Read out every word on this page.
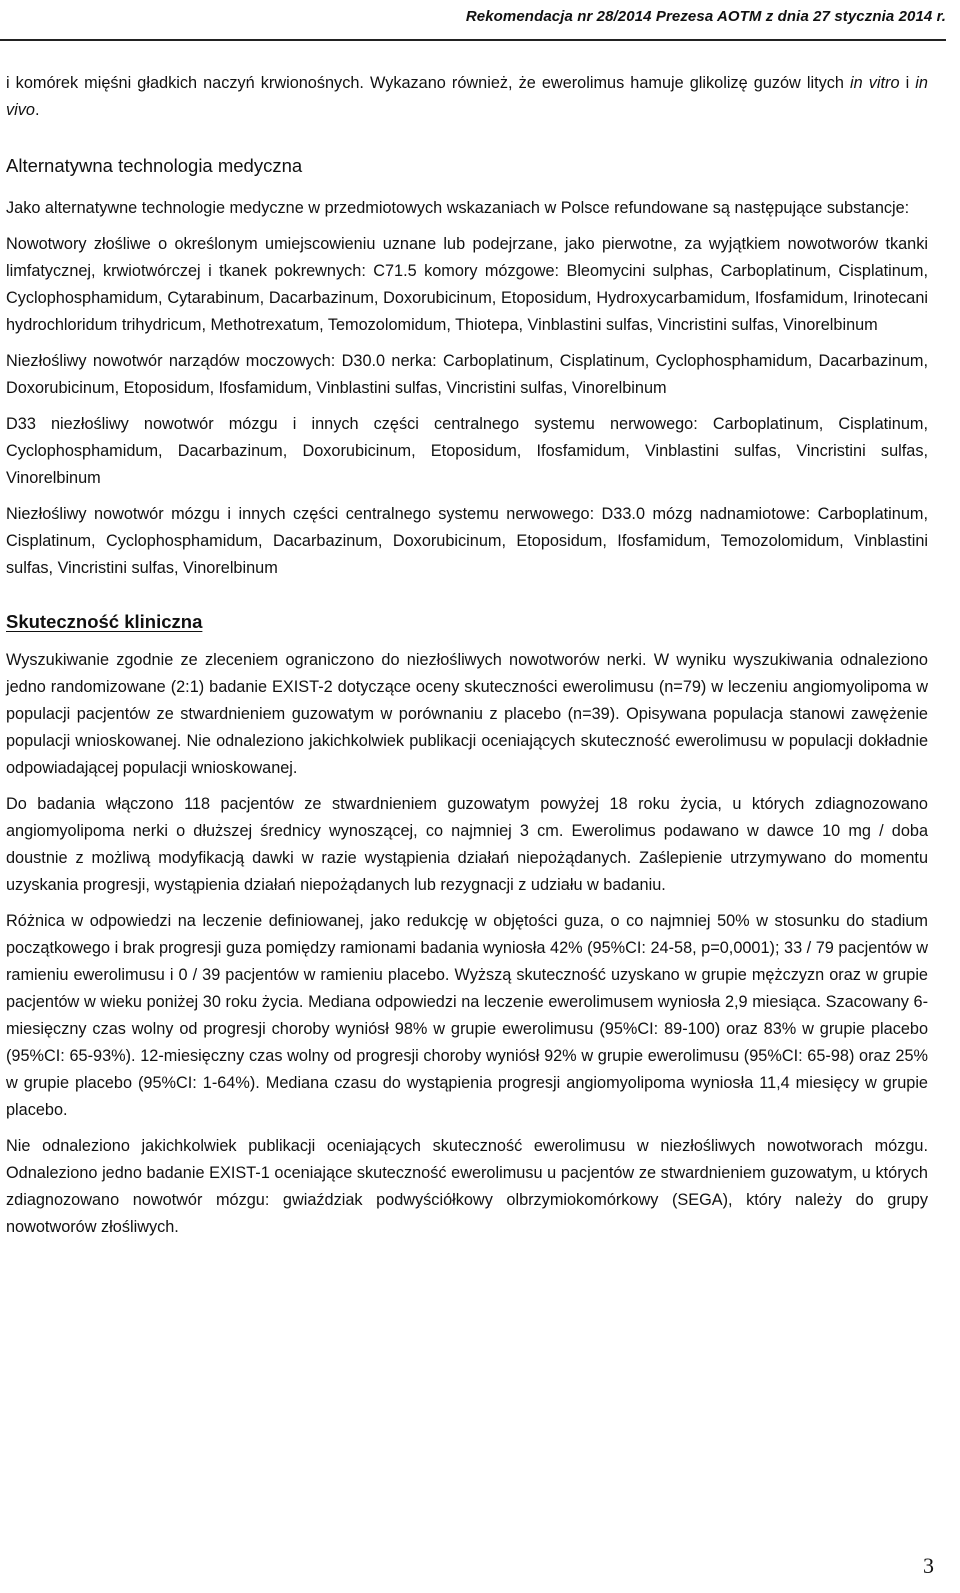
Rekomendacja nr 28/2014 Prezesa AOTM z dnia 27 stycznia 2014 r.

i komórek mięśni gładkich naczyń krwionośnych. Wykazano również, że ewerolimus hamuje glikolizę guzów litych in vitro i in vivo.

Alternatywna technologia medyczna

Jako alternatywne technologie medyczne w przedmiotowych wskazaniach w Polsce refundowane są następujące substancje:

Nowotwory złośliwe o określonym umiejscowieniu uznane lub podejrzane, jako pierwotne, za wyjątkiem nowotworów tkanki limfatycznej, krwiotwórczej i tkanek pokrewnych: C71.5 komory mózgowe: Bleomycini sulphas, Carboplatinum, Cisplatinum, Cyclophosphamidum, Cytarabinum, Dacarbazinum, Doxorubicinum, Etoposidum, Hydroxycarbamidum, Ifosfamidum, Irinotecani hydrochloridum trihydricum, Methotrexatum, Temozolomidum, Thiotepa, Vinblastini sulfas, Vincristini sulfas, Vinorelbinum

Niezłośliwy nowotwór narządów moczowych: D30.0 nerka: Carboplatinum, Cisplatinum, Cyclophosphamidum, Dacarbazinum, Doxorubicinum, Etoposidum, Ifosfamidum, Vinblastini sulfas, Vincristini sulfas, Vinorelbinum

D33 niezłośliwy nowotwór mózgu i innych części centralnego systemu nerwowego: Carboplatinum, Cisplatinum, Cyclophosphamidum, Dacarbazinum, Doxorubicinum, Etoposidum, Ifosfamidum, Vinblastini sulfas, Vincristini sulfas, Vinorelbinum

Niezłośliwy nowotwór mózgu i innych części centralnego systemu nerwowego: D33.0 mózg nadnamiotowe: Carboplatinum, Cisplatinum, Cyclophosphamidum, Dacarbazinum, Doxorubicinum, Etoposidum, Ifosfamidum, Temozolomidum, Vinblastini sulfas, Vincristini sulfas, Vinorelbinum

Skuteczność kliniczna

Wyszukiwanie zgodnie ze zleceniem ograniczono do niezłośliwych nowotworów nerki. W wyniku wyszukiwania odnaleziono jedno randomizowane (2:1) badanie EXIST-2 dotyczące oceny skuteczności ewerolimusu (n=79) w leczeniu angiomyolipoma w populacji pacjentów ze stwardnieniem guzowatym w porównaniu z placebo (n=39). Opisywana populacja stanowi zawężenie populacji wnioskowanej. Nie odnaleziono jakichkolwiek publikacji oceniających skuteczność ewerolimusu w populacji dokładnie odpowiadającej populacji wnioskowanej.

Do badania włączono 118 pacjentów ze stwardnieniem guzowatym powyżej 18 roku życia, u których zdiagnozowano angiomyolipoma nerki o dłuższej średnicy wynoszącej, co najmniej 3 cm. Ewerolimus podawano w dawce 10 mg / doba doustnie z możliwą modyfikacją dawki w razie wystąpienia działań niepożądanych. Zaślepienie utrzymywano do momentu uzyskania progresji, wystąpienia działań niepożądanych lub rezygnacji z udziału w badaniu.

Różnica w odpowiedzi na leczenie definiowanej, jako redukcję w objętości guza, o co najmniej 50% w stosunku do stadium początkowego i brak progresji guza pomiędzy ramionami badania wyniosła 42% (95%CI: 24-58, p=0,0001); 33 / 79 pacjentów w ramieniu ewerolimusu i 0 / 39 pacjentów w ramieniu placebo. Wyższą skuteczność uzyskano w grupie mężczyzn oraz w grupie pacjentów w wieku poniżej 30 roku życia. Mediana odpowiedzi na leczenie ewerolimusem wyniosła 2,9 miesiąca. Szacowany 6-miesięczny czas wolny od progresji choroby wyniósł 98% w grupie ewerolimusu (95%CI: 89-100) oraz 83% w grupie placebo (95%CI: 65-93%). 12-miesięczny czas wolny od progresji choroby wyniósł 92% w grupie ewerolimusu (95%CI: 65-98) oraz 25% w grupie placebo (95%CI: 1-64%). Mediana czasu do wystąpienia progresji angiomyolipoma wyniosła 11,4 miesięcy w grupie placebo.

Nie odnaleziono jakichkolwiek publikacji oceniających skuteczność ewerolimusu w niezłośliwych nowotworach mózgu. Odnaleziono jedno badanie EXIST-1 oceniające skuteczność ewerolimusu u pacjentów ze stwardnieniem guzowatym, u których zdiagnozowano nowotwór mózgu: gwiaździak podwyściółkowy olbrzymiokomórkowy (SEGA), który należy do grupy nowotworów złośliwych.

3
